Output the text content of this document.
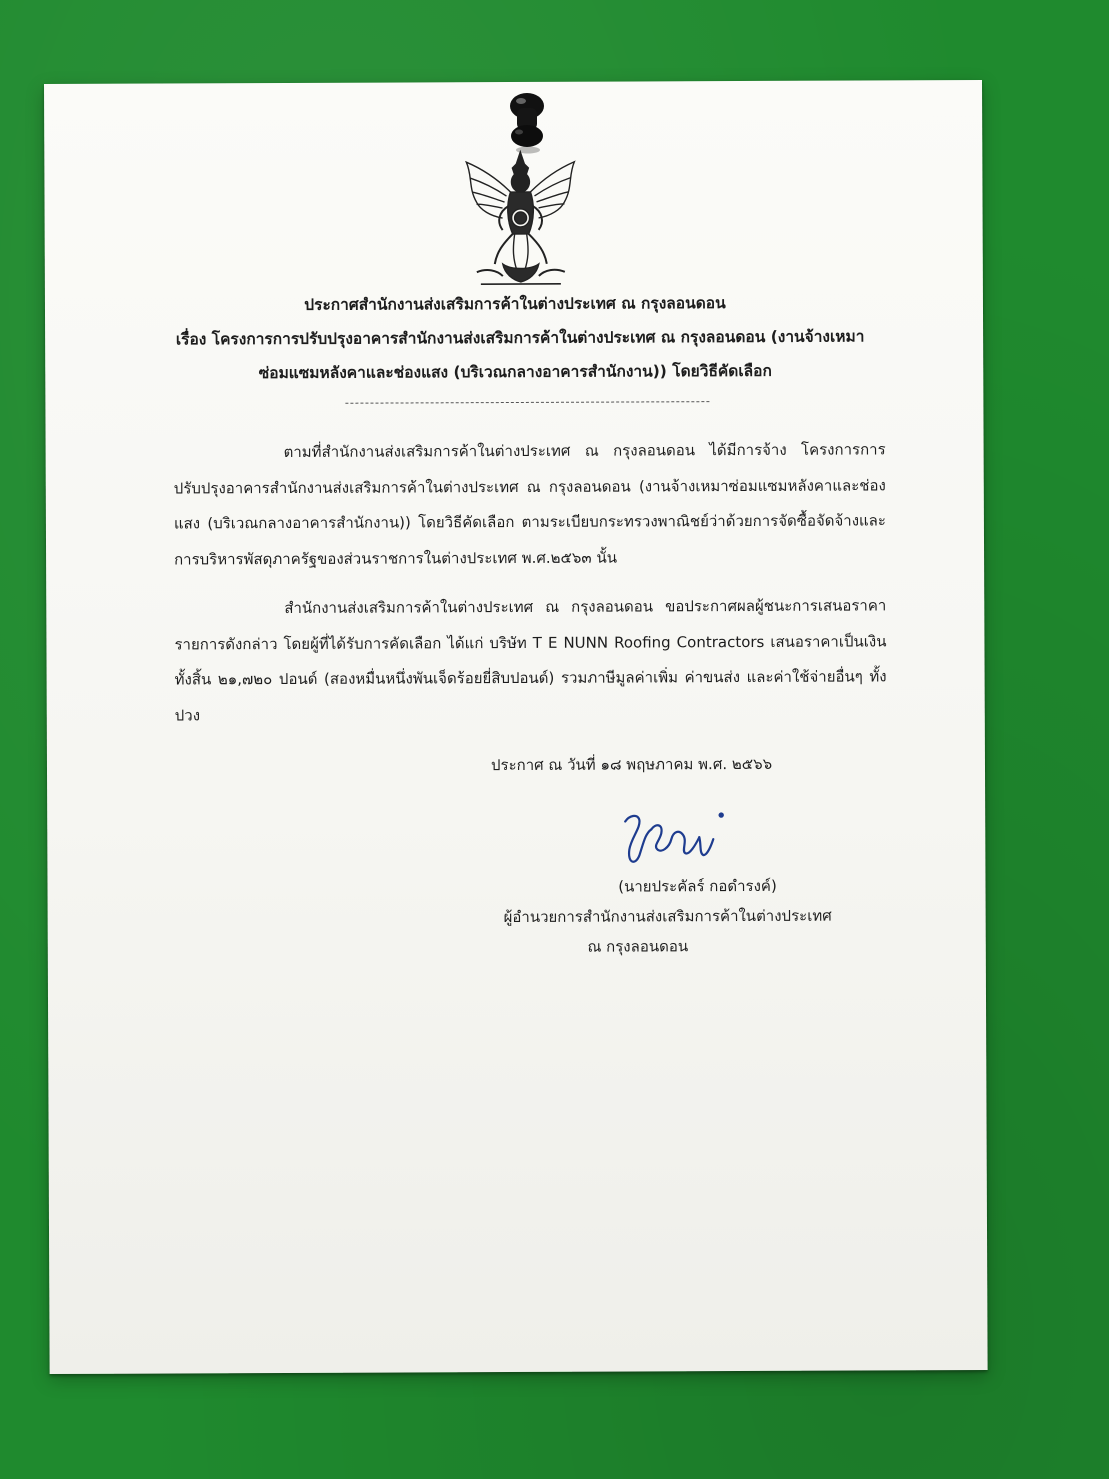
ประกาศสำนักงานส่งเสริมการค้าในต่างประเทศ ณ กรุงลอนดอน
เรื่อง โครงการการปรับปรุงอาคารสำนักงานส่งเสริมการค้าในต่างประเทศ ณ กรุงลอนดอน (งานจ้างเหมา
ซ่อมแซมหลังคาและช่องแสง (บริเวณกลางอาคารสำนักงาน)) โดยวิธีคัดเลือก
ตามที่สำนักงานส่งเสริมการค้าในต่างประเทศ ณ กรุงลอนดอน ได้มีการจ้าง โครงการการปรับปรุงอาคารสำนักงานส่งเสริมการค้าในต่างประเทศ ณ กรุงลอนดอน (งานจ้างเหมาซ่อมแซมหลังคาและช่องแสง (บริเวณกลางอาคารสำนักงาน)) โดยวิธีคัดเลือก ตามระเบียบกระทรวงพาณิชย์ว่าด้วยการจัดซื้อจัดจ้างและการบริหารพัสดุภาครัฐของส่วนราชการในต่างประเทศ พ.ศ.๒๕๖๓ นั้น
สำนักงานส่งเสริมการค้าในต่างประเทศ ณ กรุงลอนดอน ขอประกาศผลผู้ชนะการเสนอราคา รายการดังกล่าว โดยผู้ที่ได้รับการคัดเลือก ได้แก่ บริษัท T E NUNN Roofing Contractors เสนอราคาเป็นเงินทั้งสิ้น ๒๑,๗๒๐ ปอนด์ (สองหมื่นหนึ่งพันเจ็ดร้อยยี่สิบปอนด์) รวมภาษีมูลค่าเพิ่ม ค่าขนส่ง และค่าใช้จ่ายอื่นๆ ทั้งปวง
ประกาศ ณ วันที่ ๑๘ พฤษภาคม พ.ศ. ๒๕๖๖
(นายประคัลร์ กอดำรงค์)
ผู้อำนวยการสำนักงานส่งเสริมการค้าในต่างประเทศ
ณ กรุงลอนดอน
